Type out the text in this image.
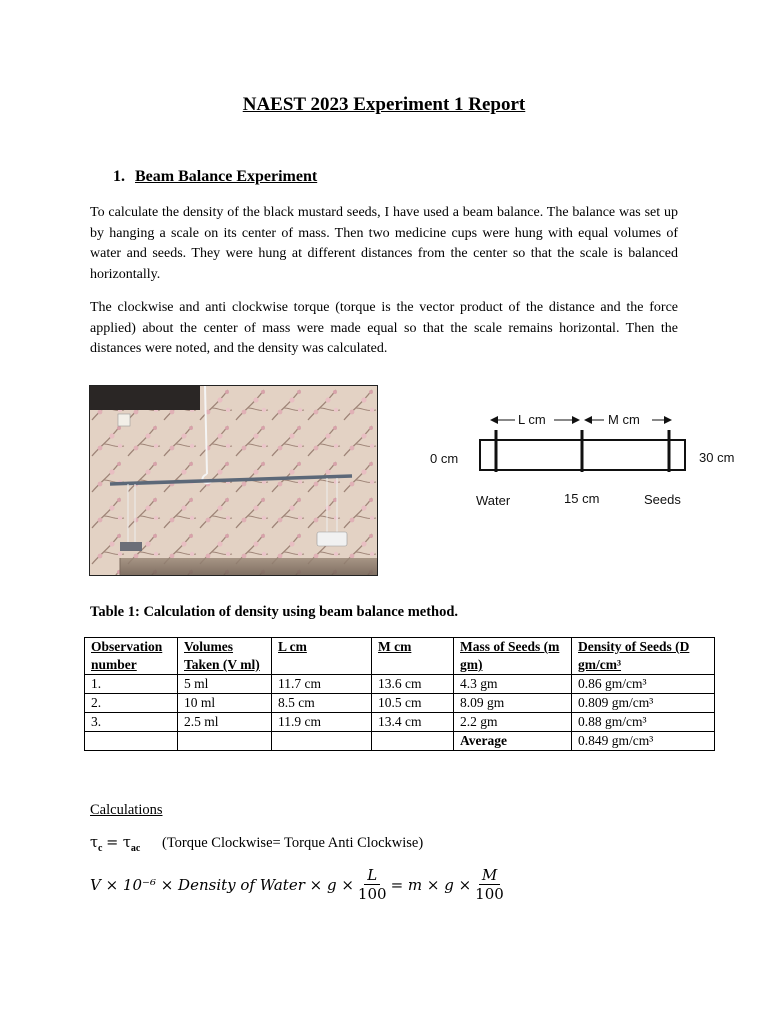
NAEST 2023 Experiment 1 Report
1. Beam Balance Experiment
To calculate the density of the black mustard seeds, I have used a beam balance. The balance was set up by hanging a scale on its center of mass. Then two medicine cups were hung with equal volumes of water and seeds. They were hung at different distances from the center so that the scale is balanced horizontally.
The clockwise and anti clockwise torque (torque is the vector product of the distance and the force applied) about the center of mass were made equal so that the scale remains horizontal. Then the distances were noted, and the density was calculated.
L cm	M cm
0 cm	30 cm
Water	15 cm	Seeds
Table 1: Calculation of density using beam balance method.
Observation number	Volumes Taken (V ml)	L cm	M cm	Mass of Seeds (m gm)	Density of Seeds (D gm/cm³
1.	5 ml	11.7 cm	13.6 cm	4.3 gm	0.86 gm/cm³
2.	10 ml	8.5 cm	10.5 cm	8.09 gm	0.809 gm/cm³
3.	2.5 ml	11.9 cm	13.4 cm	2.2 gm	0.88 gm/cm³
				Average	0.849 gm/cm³
Calculations
$\tau_c = \tau_{ac}$ (Torque Clockwise= Torque Anti Clockwise)
V × 10⁻⁶ × Density of Water × $g \times \frac{L}{100} = m \times g \times \frac{M}{100}$
